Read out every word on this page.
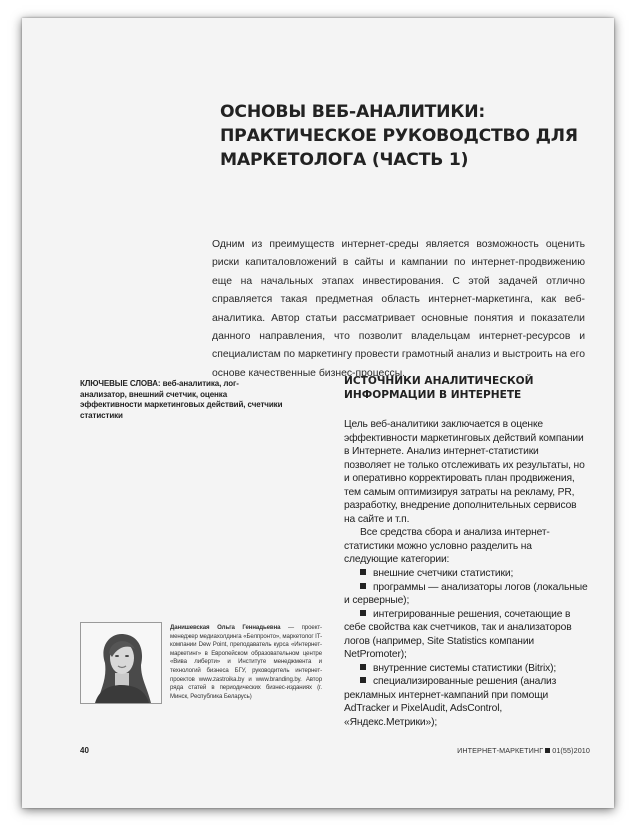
ОСНОВЫ ВЕБ-АНАЛИТИКИ: ПРАКТИЧЕСКОЕ РУКОВОДСТВО ДЛЯ МАРКЕТОЛОГА (ЧАСТЬ 1)

Одним из преимуществ интернет-среды является возможность оценить риски капиталовложений в сайты и кампании по интернет-продвижению еще на начальных этапах инвестирования. С этой задачей отлично справляется такая предметная область интернет-маркетинга, как веб-аналитика. Автор статьи рассматривает основные понятия и показатели данного направления, что позволит владельцам интернет-ресурсов и специалистам по маркетингу провести грамотный анализ и выстроить на его основе качественные бизнес-процессы.

КЛЮЧЕВЫЕ СЛОВА: веб-аналитика, лог-анализатор, внешний счетчик, оценка эффективности маркетинговых действий, счетчики статистики
ИСТОЧНИКИ АНАЛИТИЧЕСКОЙ ИНФОРМАЦИИ В ИНТЕРНЕТЕ

Цель веб-аналитики заключается в оценке эффективности маркетинговых действий компании в Интернете. Анализ интернет-статистики позволяет не только отслеживать их результаты, но и оперативно корректировать план продвижения, тем самым оптимизируя затраты на рекламу, PR, разработку, внедрение дополнительных сервисов на сайте и т.п.

Все средства сбора и анализа интернет-статистики можно условно разделить на следующие категории:

внешние счетчики статистики;
программы — анализаторы логов (локальные и серверные);
интегрированные решения, сочетающие в себе свойства как счетчиков, так и анализаторов логов (например, Site Statistics компании NetPromoter);
внутренние системы статистики (Bitrix);
специализированные решения (анализ рекламных интернет-кампаний при помощи AdTracker и PixelAudit, AdsControl, «Яндекс.Метрики»);
Данишевская Ольга Геннадьевна — проект-менеджер медиахолдинга «Белпронто», маркетолог IT-компании Dew Point, преподаватель курса «Интернет-маркетинг» в Европейском образовательном центре «Вива либерти» и Институте менеджмента и технологий бизнеса БГУ, руководитель интернет-проектов www.zastroika.by и www.branding.by. Автор ряда статей в периодических бизнес-изданиях (г. Минск, Республика Беларусь)
40	ИНТЕРНЕТ-МАРКЕТИНГ 01(55)2010
